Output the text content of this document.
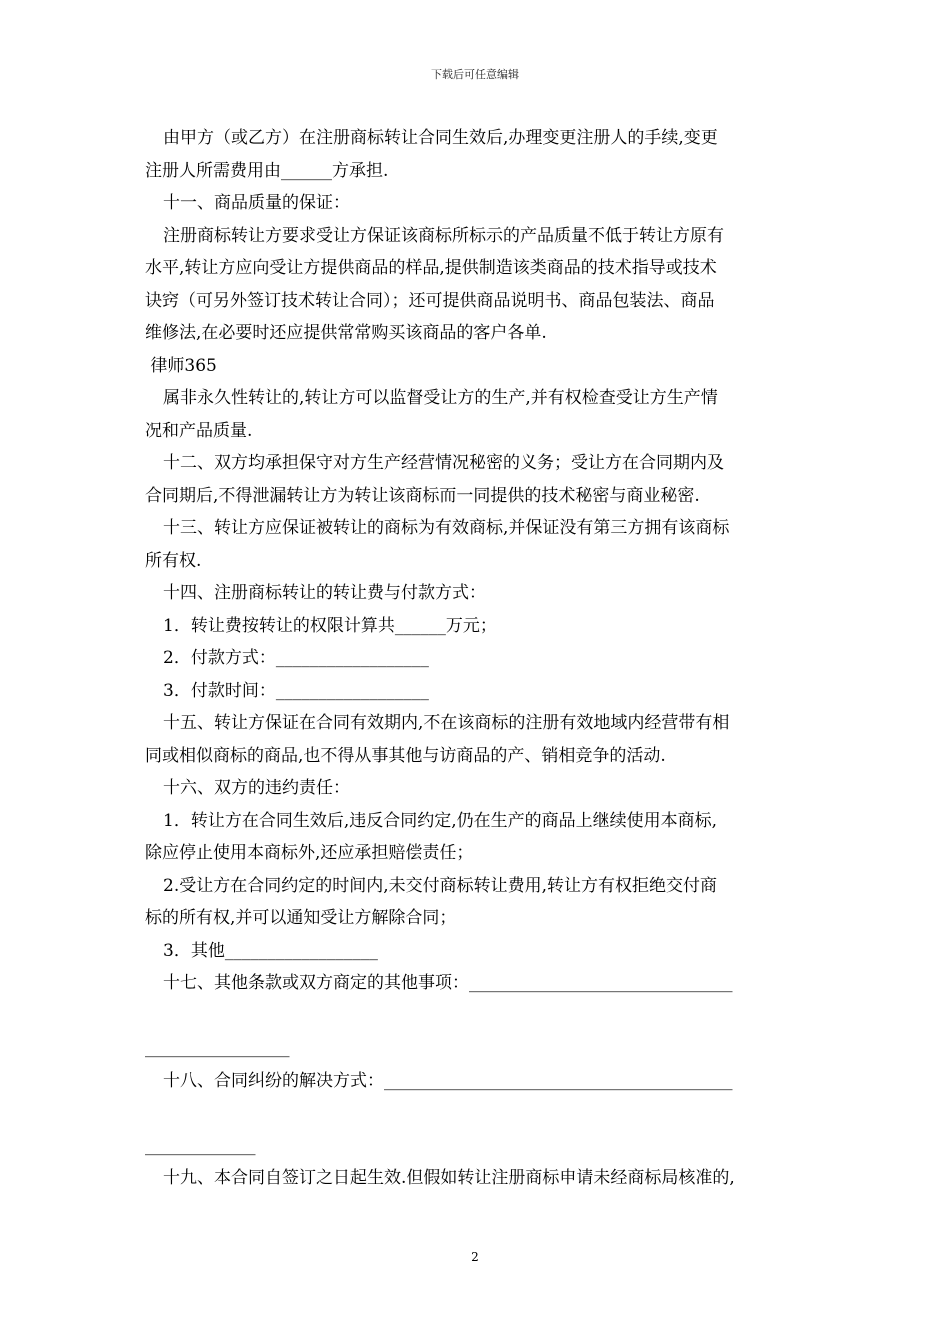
下载后可任意编辑
由甲方（或乙方）在注册商标转让合同生效后,办理变更注册人的手续,变更
注册人所需费用由______方承担.
十一、商品质量的保证：
注册商标转让方要求受让方保证该商标所标示的产品质量不低于转让方原有
水平,转让方应向受让方提供商品的样品,提供制造该类商品的技术指导或技术
诀窍（可另外签订技术转让合同）；还可提供商品说明书、商品包装法、商品
维修法,在必要时还应提供常常购买该商品的客户各单.
律师365
属非永久性转让的,转让方可以监督受让方的生产,并有权检查受让方生产情
况和产品质量.
十二、双方均承担保守对方生产经营情况秘密的义务；受让方在合同期内及
合同期后,不得泄漏转让方为转让该商标而一同提供的技术秘密与商业秘密.
十三、转让方应保证被转让的商标为有效商标,并保证没有第三方拥有该商标
所有权.
十四、注册商标转让的转让费与付款方式：
1．转让费按转让的权限计算共______万元；
2．付款方式：__________________
3．付款时间：__________________
十五、转让方保证在合同有效期内,不在该商标的注册有效地域内经营带有相
同或相似商标的商品,也不得从事其他与访商品的产、销相竞争的活动.
十六、双方的违约责任：
1．转让方在合同生效后,违反合同约定,仍在生产的商品上继续使用本商标,
除应停止使用本商标外,还应承担赔偿责任；
2.受让方在合同约定的时间内,未交付商标转让费用,转让方有权拒绝交付商
标的所有权,并可以通知受让方解除合同；
3．其他__________________
十七、其他条款或双方商定的其他事项：_______________________________
_________________
十八、合同纠纷的解决方式：_________________________________________
_____________
十九、本合同自签订之日起生效.但假如转让注册商标申请未经商标局核准的,
2
